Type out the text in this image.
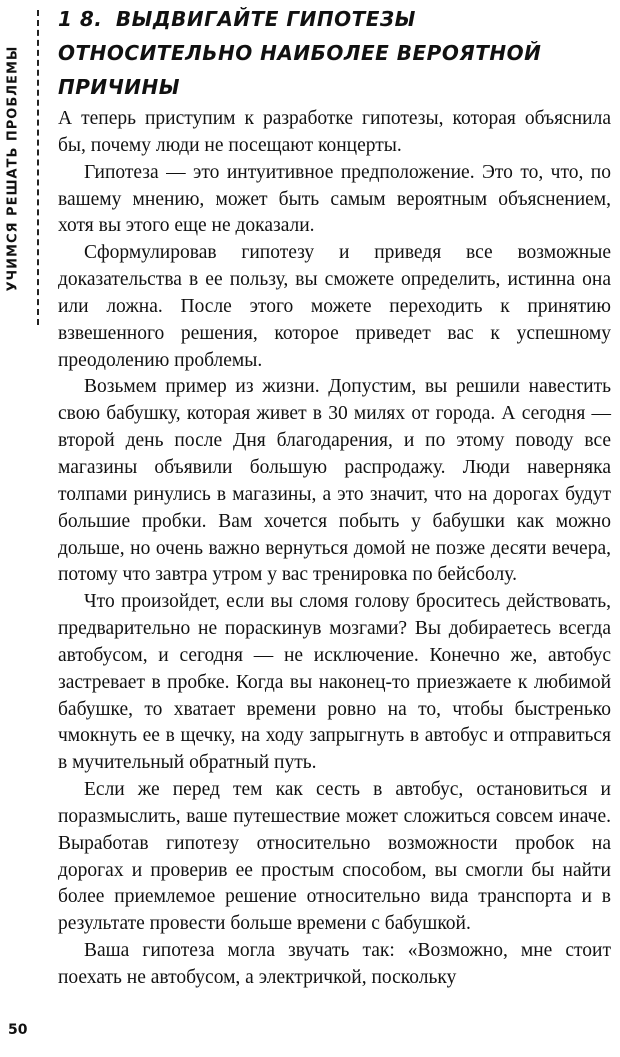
УЧИМСЯ РЕШАТЬ ПРОБЛЕМЫ
1 8. ВЫДВИГАЙТЕ ГИПОТЕЗЫ ОТНОСИТЕЛЬНО НАИБОЛЕЕ ВЕРОЯТНОЙ ПРИЧИНЫ

А теперь приступим к разработке гипотезы, которая объяснила бы, почему люди не посещают концерты.

Гипотеза — это интуитивное предположение. Это то, что, по вашему мнению, может быть самым вероятным объяснением, хотя вы этого еще не доказали.

Сформулировав гипотезу и приведя все возможные доказательства в ее пользу, вы сможете определить, истинна она или ложна. После этого можете переходить к принятию взвешенного решения, которое приведет вас к успешному преодолению проблемы.

Возьмем пример из жизни. Допустим, вы решили навестить свою бабушку, которая живет в 30 милях от города. А сегодня — второй день после Дня благодарения, и по этому поводу все магазины объявили большую распродажу. Люди наверняка толпами ринулись в магазины, а это значит, что на дорогах будут большие пробки. Вам хочется побыть у бабушки как можно дольше, но очень важно вернуться домой не позже десяти вечера, потому что завтра утром у вас тренировка по бейсболу.

Что произойдет, если вы сломя голову броситесь действовать, предварительно не пораскинув мозгами? Вы добираетесь всегда автобусом, и сегодня — не исключение. Конечно же, автобус застревает в пробке. Когда вы наконец-то приезжаете к любимой бабушке, то хватает времени ровно на то, чтобы быстренько чмокнуть ее в щечку, на ходу запрыгнуть в автобус и отправиться в мучительный обратный путь.

Если же перед тем как сесть в автобус, остановиться и поразмыслить, ваше путешествие может сложиться совсем иначе. Выработав гипотезу относительно возможности пробок на дорогах и проверив ее простым способом, вы смогли бы найти более приемлемое решение относительно вида транспорта и в результате провести больше времени с бабушкой.

Ваша гипотеза могла звучать так: «Возможно, мне стоит поехать не автобусом, а электричкой, поскольку

50
